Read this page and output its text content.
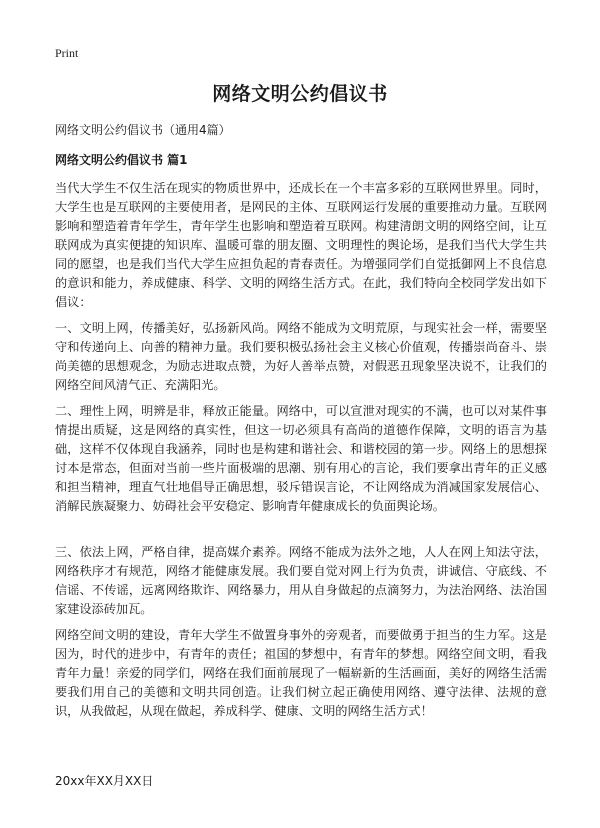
Print
网络文明公约倡议书
网络文明公约倡议书（通用4篇）
网络文明公约倡议书 篇1

当代大学生不仅生活在现实的物质世界中，还成长在一个丰富多彩的互联网世界里。同时，大学生也是互联网的主要使用者，是网民的主体、互联网运行发展的重要推动力量。互联网影响和塑造着青年学生，青年学生也影响和塑造着互联网。构建清朗文明的网络空间，让互联网成为真实便捷的知识库、温暖可靠的朋友圈、文明理性的舆论场，是我们当代大学生共同的愿望，也是我们当代大学生应担负起的青春责任。为增强同学们自觉抵御网上不良信息的意识和能力，养成健康、科学、文明的网络生活方式。在此，我们特向全校同学发出如下倡议：

一、文明上网，传播美好，弘扬新风尚。网络不能成为文明荒原，与现实社会一样，需要坚守和传递向上、向善的精神力量。我们要积极弘扬社会主义核心价值观，传播崇尚奋斗、崇尚美德的思想观念，为励志进取点赞，为好人善举点赞，对假恶丑现象坚决说不，让我们的网络空间风清气正、充满阳光。

二、理性上网，明辨是非，释放正能量。网络中，可以宣泄对现实的不满，也可以对某件事情提出质疑，这是网络的真实性，但这一切必须具有高尚的道德作保障，文明的语言为基础，这样不仅体现自我涵养，同时也是构建和谐社会、和谐校园的第一步。网络上的思想探讨本是常态，但面对当前一些片面极端的思潮、别有用心的言论，我们要拿出青年的正义感和担当精神，理直气壮地倡导正确思想，驳斥错误言论，不让网络成为消减国家发展信心、消解民族凝聚力、妨碍社会平安稳定、影响青年健康成长的负面舆论场。

三、依法上网，严格自律，提高媒介素养。网络不能成为法外之地，人人在网上知法守法，网络秩序才有规范，网络才能健康发展。我们要自觉对网上行为负责，讲诚信、守底线、不信谣、不传谣，远离网络欺诈、网络暴力，用从自身做起的点滴努力，为法治网络、法治国家建设添砖加瓦。

网络空间文明的建设，青年大学生不做置身事外的旁观者，而要做勇于担当的生力军。这是因为，时代的进步中，有青年的责任；祖国的梦想中，有青年的梦想。网络空间文明，看我青年力量！亲爱的同学们，网络在我们面前展现了一幅崭新的生活画面，美好的网络生活需要我们用自己的美德和文明共同创造。让我们树立起正确使用网络、遵守法律、法规的意识，从我做起，从现在做起，养成科学、健康、文明的网络生活方式！

20xx年XX月XX日
